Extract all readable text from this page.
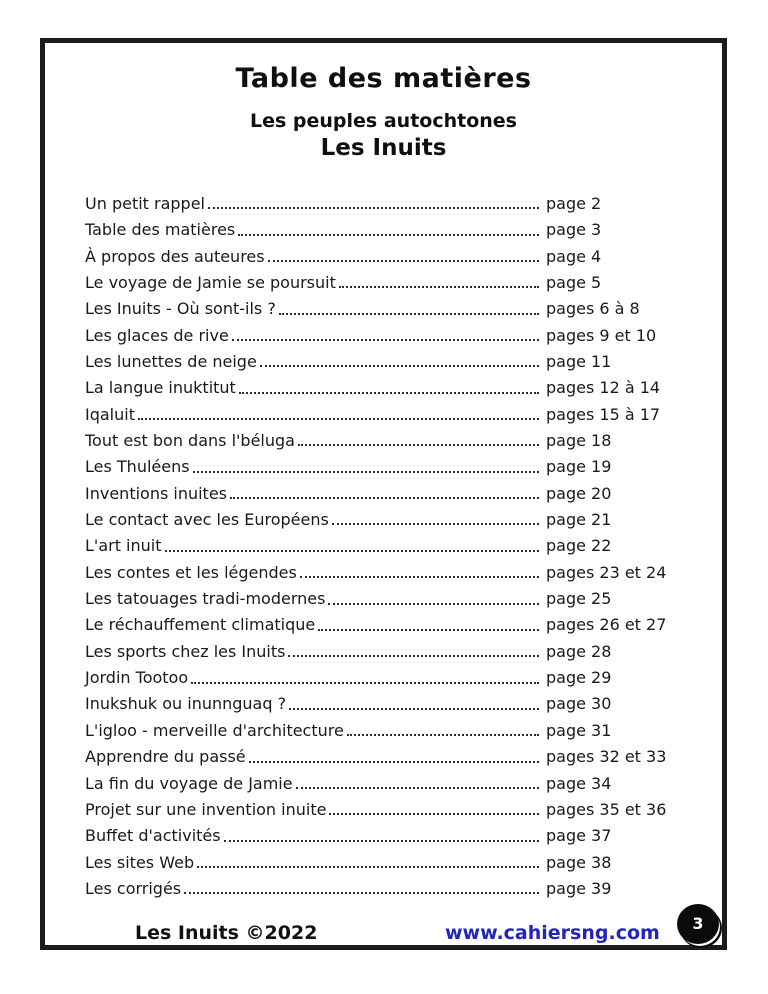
Table des matières
Les peuples autochtones
Les Inuits
Un petit rappel	page 2
Table des matières	page 3
À propos des auteures	page 4
Le voyage de Jamie se poursuit	page 5
Les Inuits - Où sont-ils ?	pages 6 à 8
Les glaces de rive	pages 9 et 10
Les lunettes de neige	page 11
La langue inuktitut	pages 12 à 14
Iqaluit	pages 15 à 17
Tout est bon dans l'béluga	page 18
Les Thuléens	page 19
Inventions inuites	page 20
Le contact avec les Européens	page 21
L'art inuit	page 22
Les contes et les légendes	pages 23 et 24
Les tatouages tradi-modernes	page 25
Le réchauffement climatique	pages 26 et 27
Les sports chez les Inuits	page 28
Jordin Tootoo	page 29
Inukshuk ou inunnguaq ?	page 30
L'igloo - merveille d'architecture	page 31
Apprendre du passé	pages 32 et 33
La fin du voyage de Jamie	page 34
Projet sur une invention inuite	pages 35 et 36
Buffet d'activités	page 37
Les sites Web	page 38
Les corrigés	page 39
Les Inuits ©2022	www.cahiersng.com 3
